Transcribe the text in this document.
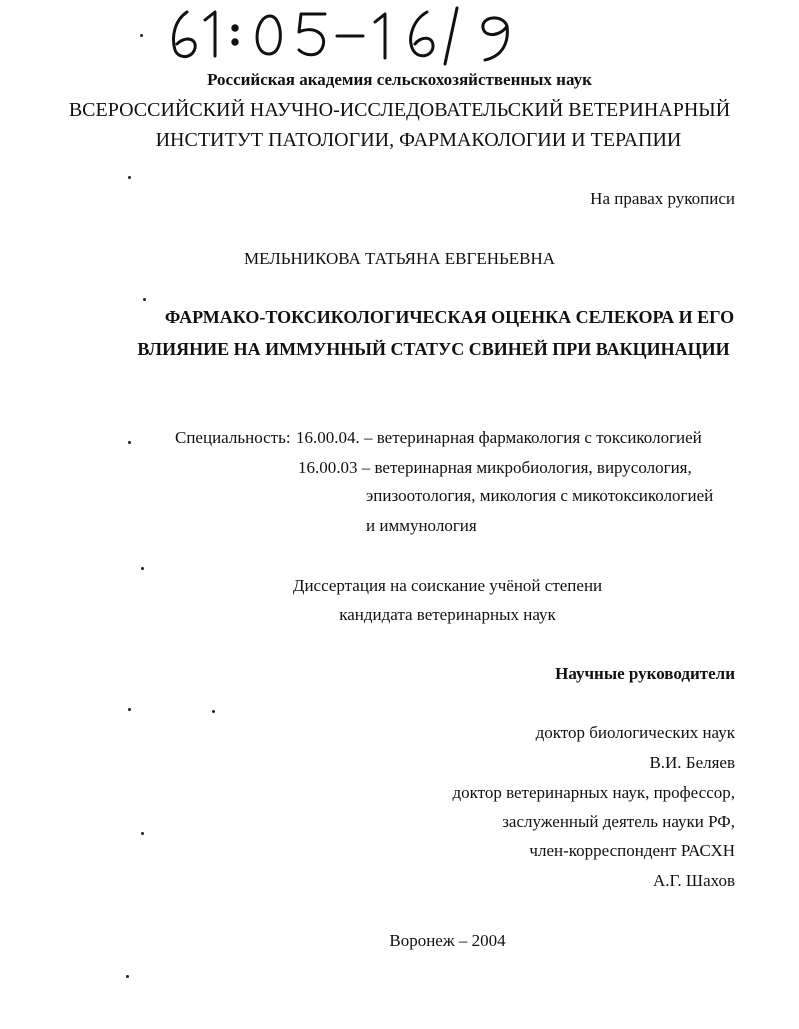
Российская академия сельскохозяйственных наук
ВСЕРОССИЙСКИЙ НАУЧНО-ИССЛЕДОВАТЕЛЬСКИЙ ВЕТЕРИНАРНЫЙ
ИНСТИТУТ ПАТОЛОГИИ, ФАРМАКОЛОГИИ И ТЕРАПИИ
На правах рукописи
МЕЛЬНИКОВА ТАТЬЯНА ЕВГЕНЬЕВНА
ФАРМАКО-ТОКСИКОЛОГИЧЕСКАЯ ОЦЕНКА СЕЛЕКОРА И ЕГО
ВЛИЯНИЕ НА ИММУННЫЙ СТАТУС СВИНЕЙ ПРИ ВАКЦИНАЦИИ
Специальность: 16.00.04. – ветеринарная фармакология с токсикологией
16.00.03 – ветеринарная микробиология, вирусология,
эпизоотология, микология с микотоксикологией
и иммунология
Диссертация на соискание учёной степени
кандидата ветеринарных наук
Научные руководители
доктор биологических наук
В.И. Беляев
доктор ветеринарных наук, профессор,
заслуженный деятель науки РФ,
член-корреспондент РАСХН
А.Г. Шахов
Воронеж – 2004
